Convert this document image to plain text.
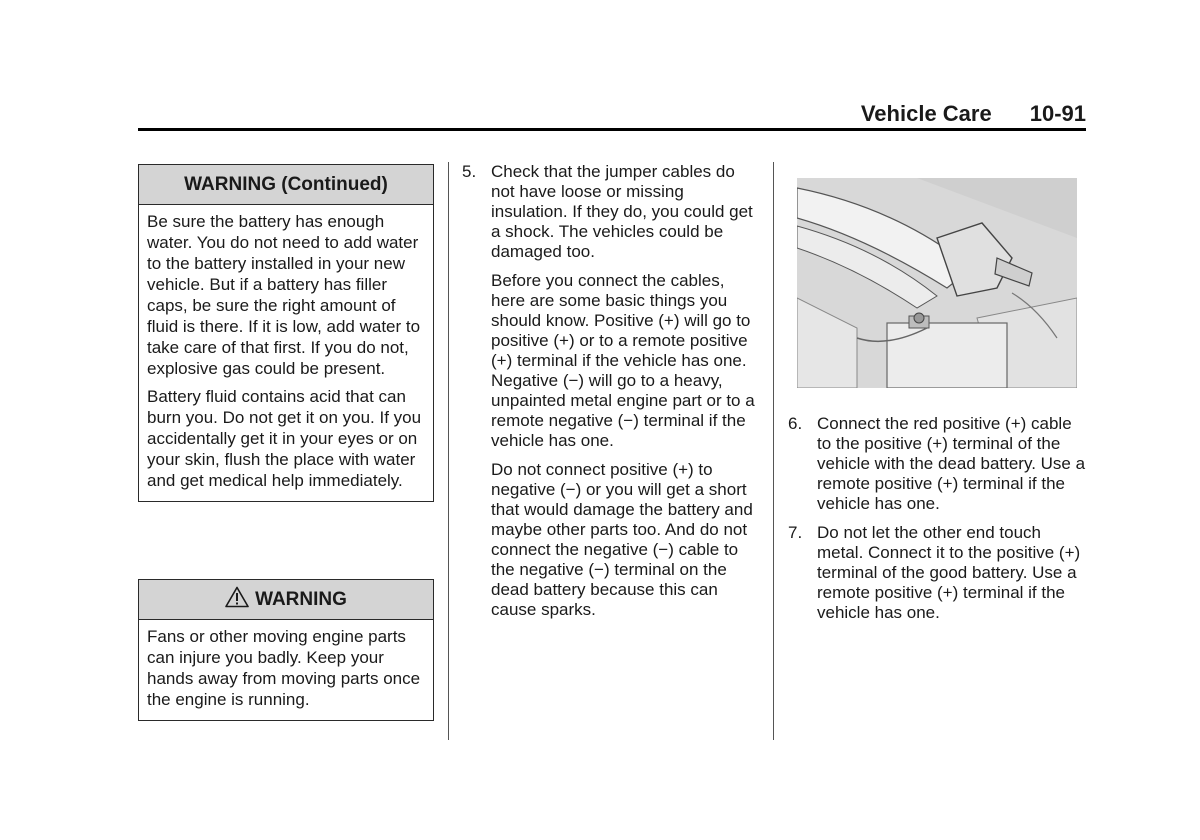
Vehicle Care 10-91
WARNING (Continued)

Be sure the battery has enough water. You do not need to add water to the battery installed in your new vehicle. But if a battery has filler caps, be sure the right amount of fluid is there. If it is low, add water to take care of that first. If you do not, explosive gas could be present.

Battery fluid contains acid that can burn you. Do not get it on you. If you accidentally get it in your eyes or on your skin, flush the place with water and get medical help immediately.

WARNING

Fans or other moving engine parts can injure you badly. Keep your hands away from moving parts once the engine is running.

5. Check that the jumper cables do not have loose or missing insulation. If they do, you could get a shock. The vehicles could be damaged too.

Before you connect the cables, here are some basic things you should know. Positive (+) will go to positive (+) or to a remote positive (+) terminal if the vehicle has one. Negative (−) will go to a heavy, unpainted metal engine part or to a remote negative (−) terminal if the vehicle has one.

Do not connect positive (+) to negative (−) or you will get a short that would damage the battery and maybe other parts too. And do not connect the negative (−) cable to the negative (−) terminal on the dead battery because this can cause sparks.

6. Connect the red positive (+) cable to the positive (+) terminal of the vehicle with the dead battery. Use a remote positive (+) terminal if the vehicle has one.
7. Do not let the other end touch metal. Connect it to the positive (+) terminal of the good battery. Use a remote positive (+) terminal if the vehicle has one.
